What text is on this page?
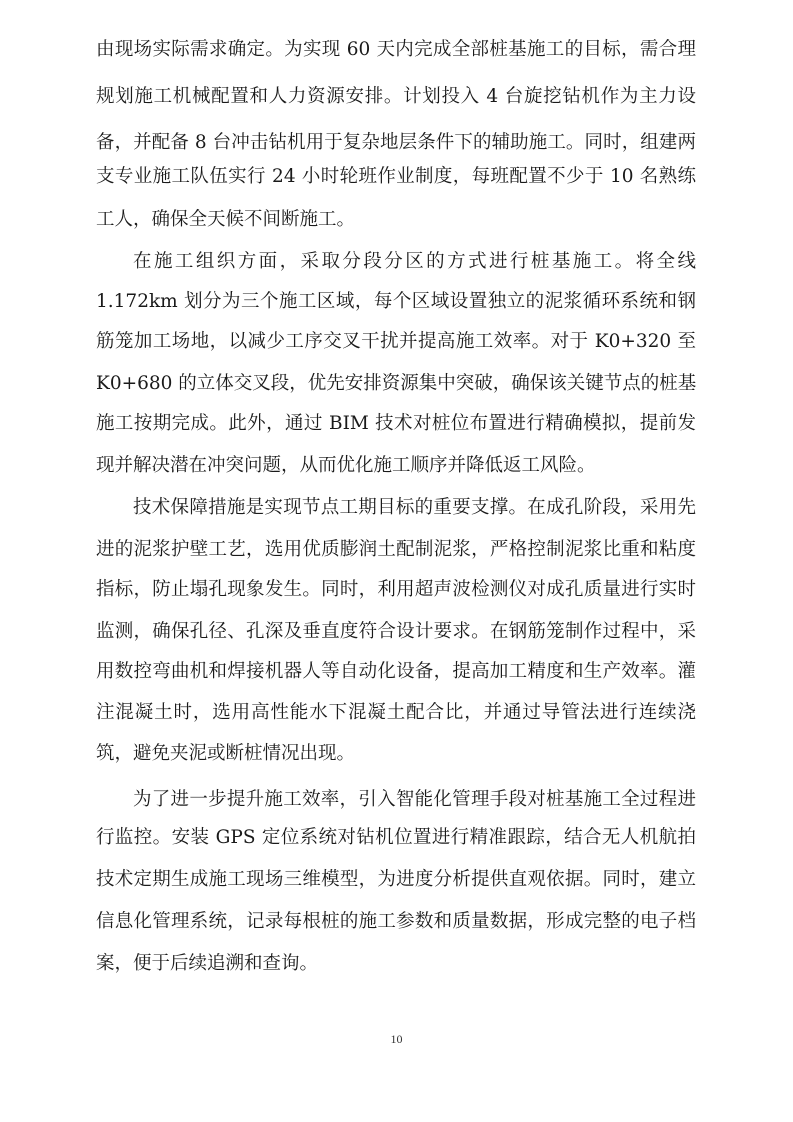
由现场实际需求确定。为实现 60 天内完成全部桩基施工的目标，需合理
规划施工机械配置和人力资源安排。计划投入 4 台旋挖钻机作为主力设
备，并配备 8 台冲击钻机用于复杂地层条件下的辅助施工。同时，组建两
支专业施工队伍实行 24 小时轮班作业制度，每班配置不少于 10 名熟练
工人，确保全天候不间断施工。
在施工组织方面，采取分段分区的方式进行桩基施工。将全线
1.172km 划分为三个施工区域，每个区域设置独立的泥浆循环系统和钢
筋笼加工场地，以减少工序交叉干扰并提高施工效率。对于 K0+320 至
K0+680 的立体交叉段，优先安排资源集中突破，确保该关键节点的桩基
施工按期完成。此外，通过 BIM 技术对桩位布置进行精确模拟，提前发
现并解决潜在冲突问题，从而优化施工顺序并降低返工风险。
技术保障措施是实现节点工期目标的重要支撑。在成孔阶段，采用先
进的泥浆护壁工艺，选用优质膨润土配制泥浆，严格控制泥浆比重和粘度
指标，防止塌孔现象发生。同时，利用超声波检测仪对成孔质量进行实时
监测，确保孔径、孔深及垂直度符合设计要求。在钢筋笼制作过程中，采
用数控弯曲机和焊接机器人等自动化设备，提高加工精度和生产效率。灌
注混凝土时，选用高性能水下混凝土配合比，并通过导管法进行连续浇
筑，避免夹泥或断桩情况出现。
为了进一步提升施工效率，引入智能化管理手段对桩基施工全过程进
行监控。安装 GPS 定位系统对钻机位置进行精准跟踪，结合无人机航拍
技术定期生成施工现场三维模型，为进度分析提供直观依据。同时，建立
信息化管理系统，记录每根桩的施工参数和质量数据，形成完整的电子档
案，便于后续追溯和查询。
10
